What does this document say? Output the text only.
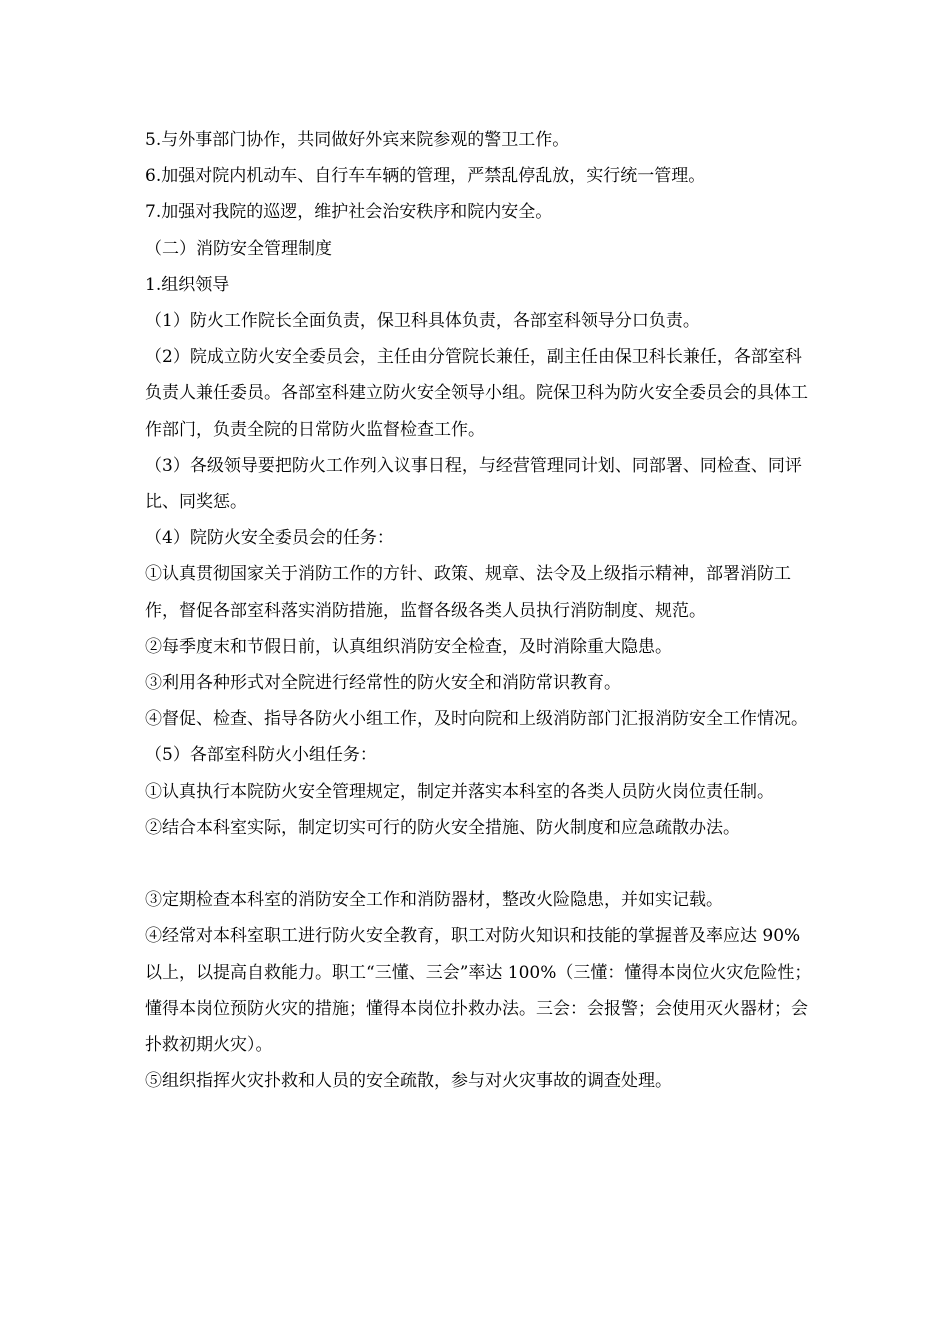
5.与外事部门协作，共同做好外宾来院参观的警卫工作。

6.加强对院内机动车、自行车车辆的管理，严禁乱停乱放，实行统一管理。

7.加强对我院的巡逻，维护社会治安秩序和院内安全。

（二）消防安全管理制度

1.组织领导

（1）防火工作院长全面负责，保卫科具体负责，各部室科领导分口负责。

（2）院成立防火安全委员会，主任由分管院长兼任，副主任由保卫科长兼任，各部室科负责人兼任委员。各部室科建立防火安全领导小组。院保卫科为防火安全委员会的具体工作部门，负责全院的日常防火监督检查工作。

（3）各级领导要把防火工作列入议事日程，与经营管理同计划、同部署、同检查、同评比、同奖惩。

（4）院防火安全委员会的任务：

①认真贯彻国家关于消防工作的方针、政策、规章、法令及上级指示精神，部署消防工作，督促各部室科落实消防措施，监督各级各类人员执行消防制度、规范。

②每季度末和节假日前，认真组织消防安全检查，及时消除重大隐患。

③利用各种形式对全院进行经常性的防火安全和消防常识教育。

④督促、检查、指导各防火小组工作，及时向院和上级消防部门汇报消防安全工作情况。

（5）各部室科防火小组任务：

①认真执行本院防火安全管理规定，制定并落实本科室的各类人员防火岗位责任制。

②结合本科室实际，制定切实可行的防火安全措施、防火制度和应急疏散办法。

③定期检查本科室的消防安全工作和消防器材，整改火险隐患，并如实记载。

④经常对本科室职工进行防火安全教育，职工对防火知识和技能的掌握普及率应达 90%以上，以提高自救能力。职工“三懂、三会”率达 100%（三懂：懂得本岗位火灾危险性；懂得本岗位预防火灾的措施；懂得本岗位扑救办法。三会：会报警；会使用灭火器材；会扑救初期火灾）。

⑤组织指挥火灾扑救和人员的安全疏散，参与对火灾事故的调查处理。
